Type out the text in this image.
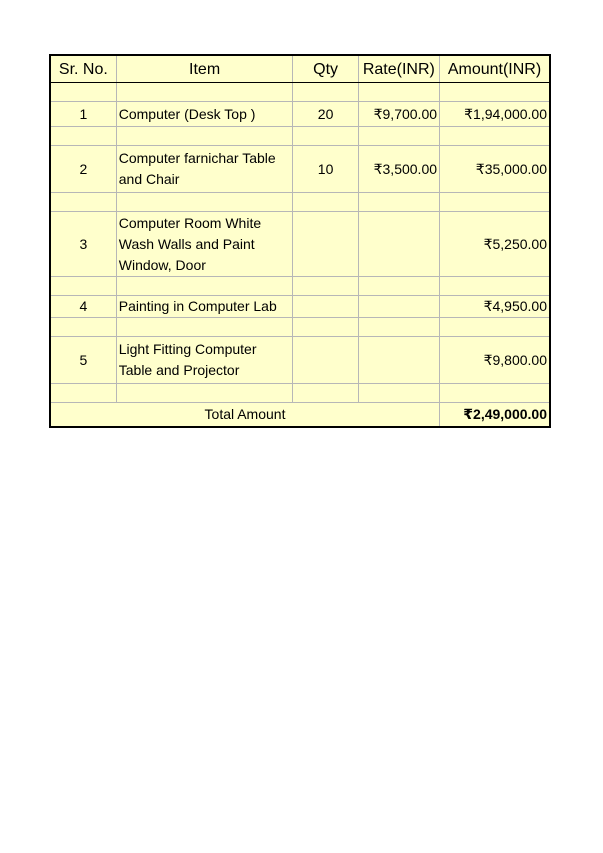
Sr. No.	Item	Qty	Rate(INR)	Amount(INR)

1	Computer (Desk Top )	20	₹9,700.00	₹1,94,000.00

2	Computer farnichar Table and Chair	10	₹3,500.00	₹35,000.00

3	Computer Room White Wash Walls and Paint Window, Door			₹5,250.00

4	Painting in Computer Lab			₹4,950.00

5	Light Fitting Computer Table and Projector			₹9,800.00

Total Amount				₹2,49,000.00
